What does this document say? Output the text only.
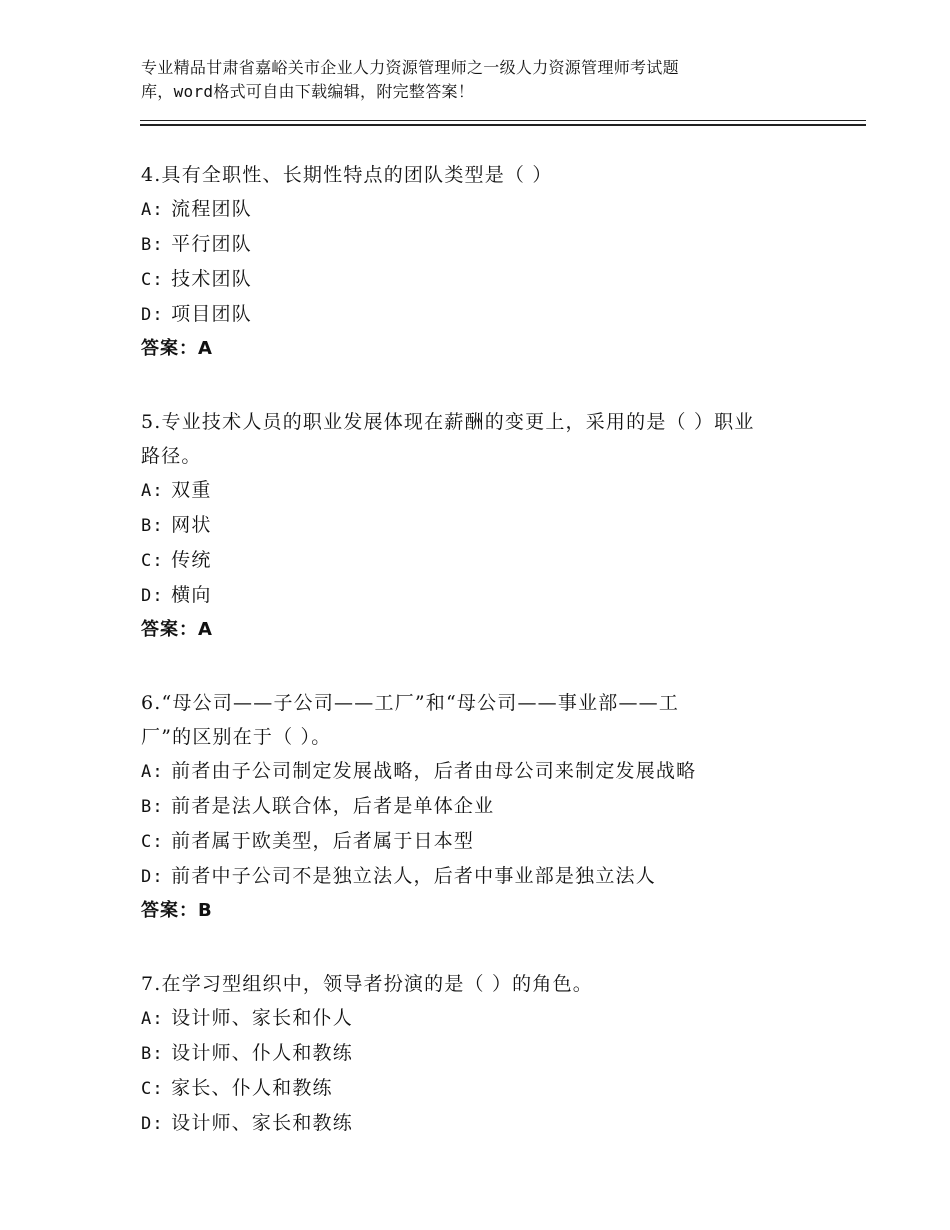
专业精品甘肃省嘉峪关市企业人力资源管理师之一级人力资源管理师考试题
库，word格式可自由下载编辑，附完整答案！
4.具有全职性、长期性特点的团队类型是（ ）
A: 流程团队
B: 平行团队
C: 技术团队
D: 项目团队
答案：A
5.专业技术人员的职业发展体现在薪酬的变更上，采用的是（ ）职业
路径。
A: 双重
B: 网状
C: 传统
D: 横向
答案：A
6.“母公司——子公司——工厂”和“母公司——事业部——工
厂”的区别在于（ ）。
A: 前者由子公司制定发展战略，后者由母公司来制定发展战略
B: 前者是法人联合体，后者是单体企业
C: 前者属于欧美型，后者属于日本型
D: 前者中子公司不是独立法人，后者中事业部是独立法人
答案：B
7.在学习型组织中，领导者扮演的是（ ）的角色。
A: 设计师、家长和仆人
B: 设计师、仆人和教练
C: 家长、仆人和教练
D: 设计师、家长和教练
